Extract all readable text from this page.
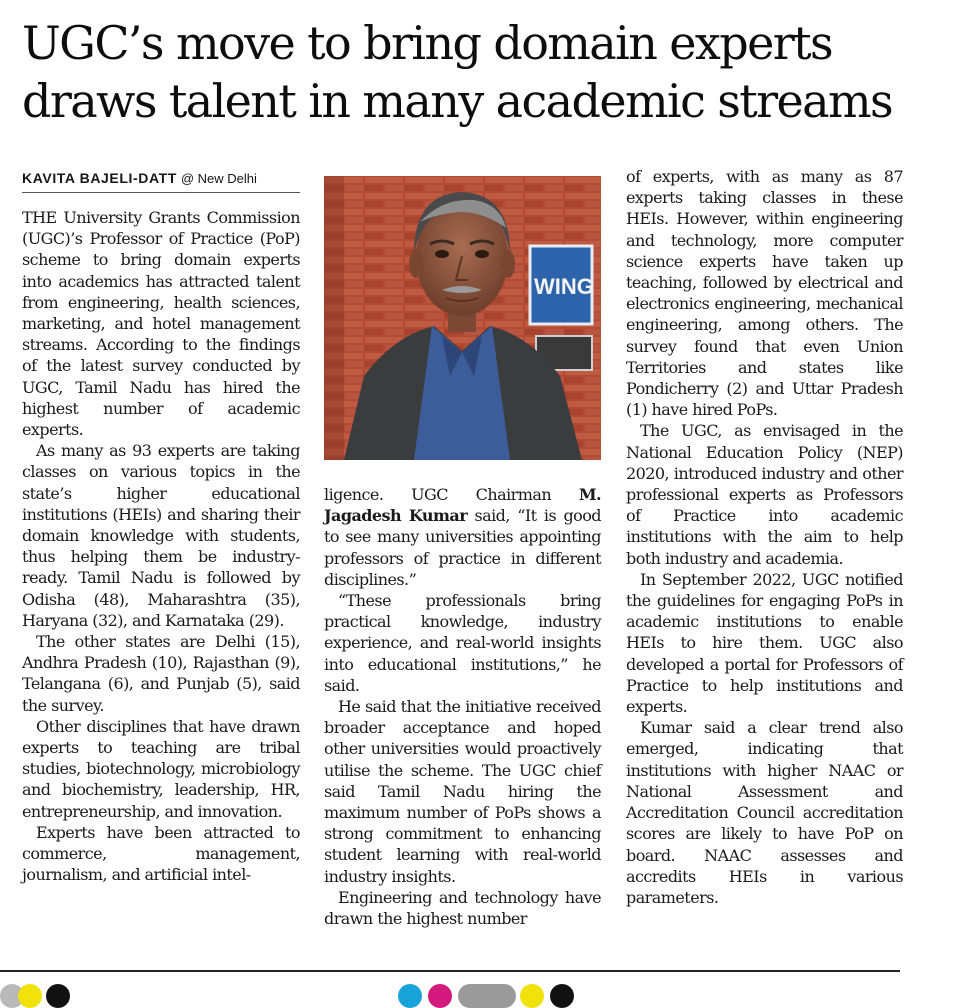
UGC’s move to bring domain experts draws talent in many academic streams
KAVITA BAJELI-DATT @ New Delhi

THE University Grants Commission (UGC)’s Professor of Practice (PoP) scheme to bring domain experts into academics has attracted talent from engineering, health sciences, marketing, and hotel management streams. According to the findings of the latest survey conducted by UGC, Tamil Nadu has hired the highest number of academic experts.

As many as 93 experts are taking classes on various topics in the state’s higher educational institutions (HEIs) and sharing their domain knowledge with students, thus helping them be industry-ready. Tamil Nadu is followed by Odisha (48), Maharashtra (35), Haryana (32), and Karnataka (29).

The other states are Delhi (15), Andhra Pradesh (10), Rajasthan (9), Telangana (6), and Punjab (5), said the survey.

Other disciplines that have drawn experts to teaching are tribal studies, biotechnology, microbiology and biochemistry, leadership, HR, entrepreneurship, and innovation.

Experts have been attracted to commerce, management, journalism, and artificial intel-

WING

ligence. UGC Chairman M. Jagadesh Kumar said, “It is good to see many universities appointing professors of practice in different disciplines.”

“These professionals bring practical knowledge, industry experience, and real-world insights into educational institutions,” he said.

He said that the initiative received broader acceptance and hoped other universities would proactively utilise the scheme. The UGC chief said Tamil Nadu hiring the maximum number of PoPs shows a strong commitment to enhancing student learning with real-world industry insights.

Engineering and technology have drawn the highest number

of experts, with as many as 87 experts taking classes in these HEIs. However, within engineering and technology, more computer science experts have taken up teaching, followed by electrical and electronics engineering, mechanical engineering, among others. The survey found that even Union Territories and states like Pondicherry (2) and Uttar Pradesh (1) have hired PoPs.

The UGC, as envisaged in the National Education Policy (NEP) 2020, introduced industry and other professional experts as Professors of Practice into academic institutions with the aim to help both industry and academia.

In September 2022, UGC notified the guidelines for engaging PoPs in academic institutions to enable HEIs to hire them. UGC also developed a portal for Professors of Practice to help institutions and experts.

Kumar said a clear trend also emerged, indicating that institutions with higher NAAC or National Assessment and Accreditation Council accreditation scores are likely to have PoP on board. NAAC assesses and accredits HEIs in various parameters.
